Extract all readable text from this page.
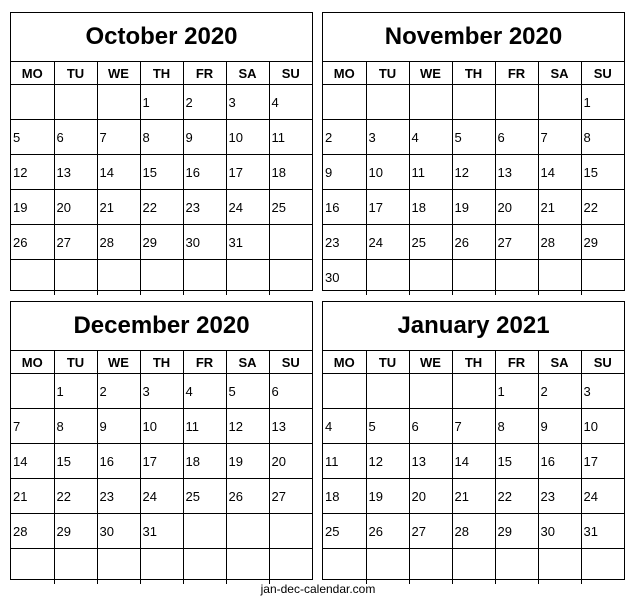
October 2020
MO	TU	WE	TH	FR	SA	SU
			1	2	3	4
5	6	7	8	9	10	11
12	13	14	15	16	17	18
19	20	21	22	23	24	25
26	27	28	29	30	31	

November 2020
MO	TU	WE	TH	FR	SA	SU
						1
2	3	4	5	6	7	8
9	10	11	12	13	14	15
16	17	18	19	20	21	22
23	24	25	26	27	28	29
30						
December 2020
MO	TU	WE	TH	FR	SA	SU
	1	2	3	4	5	6
7	8	9	10	11	12	13
14	15	16	17	18	19	20
21	22	23	24	25	26	27
28	29	30	31			

January 2021
MO	TU	WE	TH	FR	SA	SU
				1	2	3
4	5	6	7	8	9	10
11	12	13	14	15	16	17
18	19	20	21	22	23	24
25	26	27	28	29	30	31

jan-dec-calendar.com
